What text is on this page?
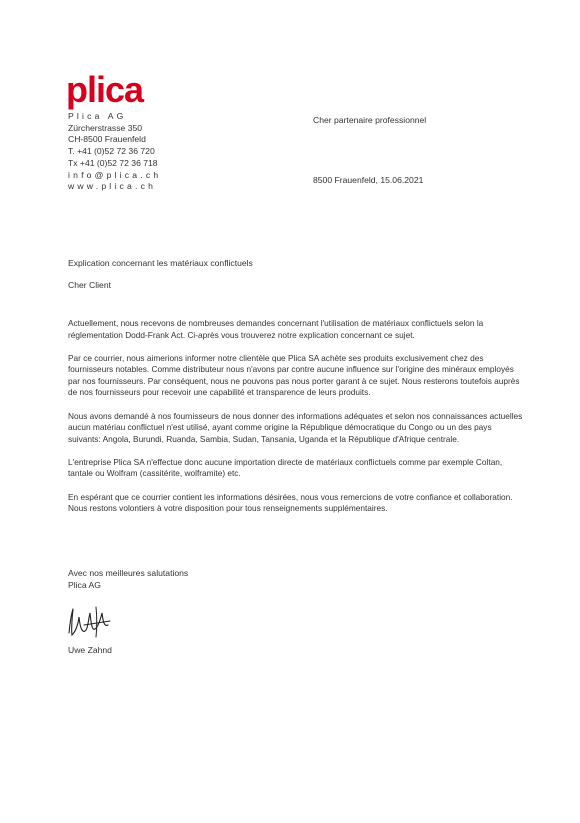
plica
Plica AG
Zürcherstrasse 350
CH-8500 Frauenfeld
T. +41 (0)52 72 36 720
Tx +41 (0)52 72 36 718
info@plica.ch
www.plica.ch
Cher partenaire professionnel
8500 Frauenfeld, 15.06.2021
Explication concernant les matériaux conflictuels
Cher Client

Actuellement, nous recevons de nombreuses demandes concernant l'utilisation de matériaux conflictuels selon la réglementation Dodd-Frank Act. Ci-après vous trouverez notre explication concernant ce sujet.

Par ce courrier, nous aimerions informer notre clientèle que Plica SA achète ses produits exclusivement chez des fournisseurs notables. Comme distributeur nous n'avons par contre aucune influence sur l'origine des minéraux employés par nos fournisseurs. Par conséquent, nous ne pouvons pas nous porter garant à ce sujet. Nous resterons toutefois auprès de nos fournisseurs pour recevoir une capabilité et transparence de leurs produits.

Nous avons demandé à nos fournisseurs de nous donner des informations adéquates et selon nos connaissances actuelles aucun matériau conflictuel n'est utilisé, ayant comme origine la République démocratique du Congo ou un des pays suivants: Angola, Burundi, Ruanda, Sambia, Sudan, Tansania, Uganda et la République d'Afrique centrale.

L'entreprise Plica SA n'effectue donc aucune importation directe de matériaux conflictuels comme par exemple Coltan, tantale ou Wolfram (cassitérite, wolframite) etc.

En espérant que ce courrier contient les informations désirées, nous vous remercions de votre confiance et collaboration. Nous restons volontiers à votre disposition pour tous renseignements supplémentaires.

Avec nos meilleures salutations
Plica AG
Uwe Zahnd
